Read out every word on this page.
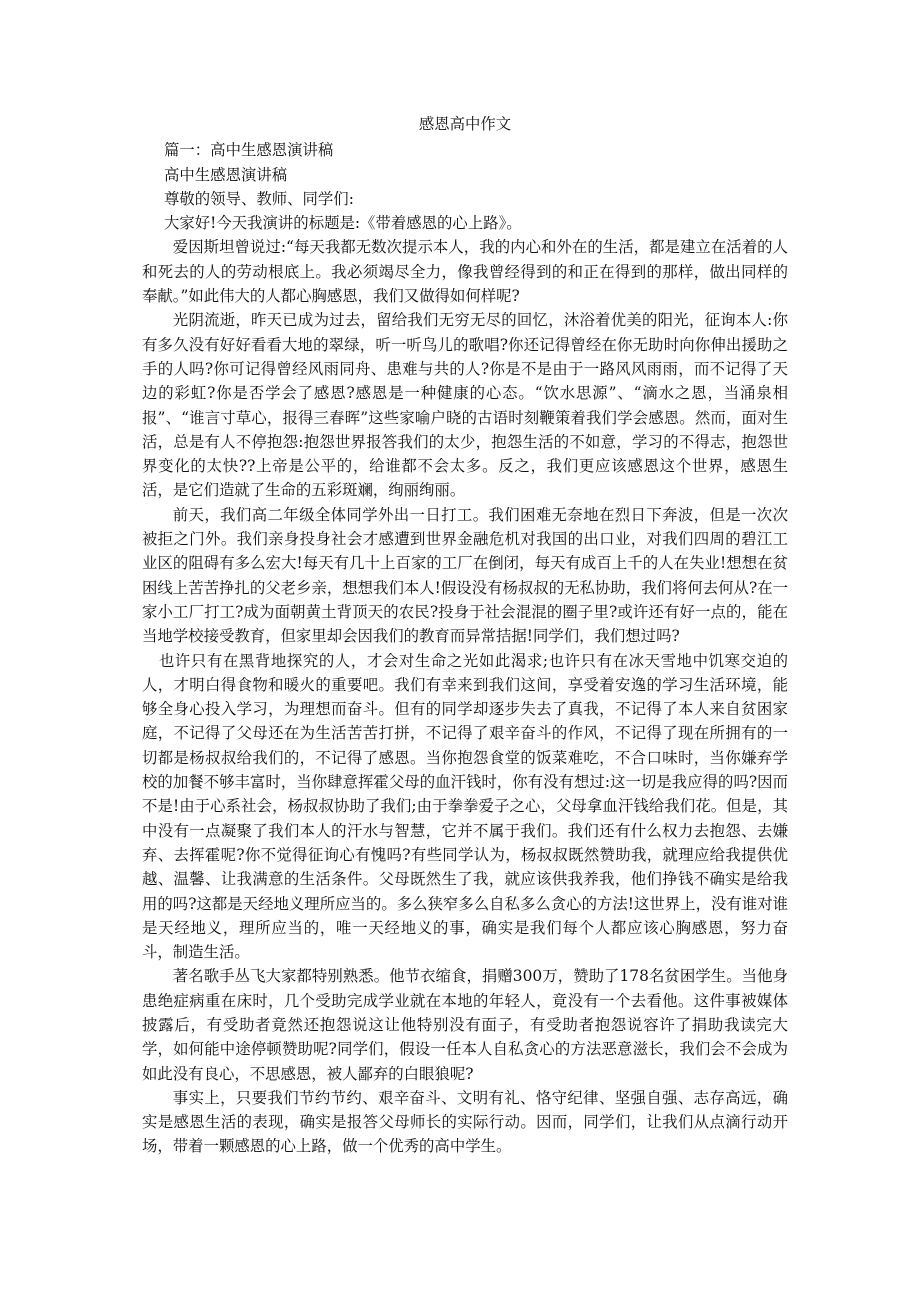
感恩高中作文

篇一：高中生感恩演讲稿

高中生感恩演讲稿

尊敬的领导、教师、同学们:

大家好!今天我演讲的标题是:《带着感恩的心上路》。

爱因斯坦曾说过:“每天我都无数次提示本人，我的内心和外在的生活，都是建立在活着的人和死去的人的劳动根底上。我必须竭尽全力，像我曾经得到的和正在得到的那样，做出同样的奉献。”如此伟大的人都心胸感恩，我们又做得如何样呢?

光阴流逝，昨天已成为过去，留给我们无穷无尽的回忆，沐浴着优美的阳光，征询本人:你有多久没有好好看看大地的翠绿，听一听鸟儿的歌唱?你还记得曾经在你无助时向你伸出援助之手的人吗?你可记得曾经风雨同舟、患难与共的人?你是不是由于一路风风雨雨，而不记得了天边的彩虹?你是否学会了感恩?感恩是一种健康的心态。“饮水思源”、“滴水之恩，当涌泉相报”、“谁言寸草心，报得三春晖”这些家喻户晓的古语时刻鞭策着我们学会感恩。然而，面对生活，总是有人不停抱怨:抱怨世界报答我们的太少，抱怨生活的不如意，学习的不得志，抱怨世界变化的太快??上帝是公平的，给谁都不会太多。反之，我们更应该感恩这个世界，感恩生活，是它们造就了生命的五彩斑斓，绚丽绚丽。

前天，我们高二年级全体同学外出一日打工。我们困难无奈地在烈日下奔波，但是一次次被拒之门外。我们亲身投身社会才感遭到世界金融危机对我国的出口业，对我们四周的碧江工业区的阻碍有多么宏大!每天有几十上百家的工厂在倒闭，每天有成百上千的人在失业!想想在贫困线上苦苦挣扎的父老乡亲，想想我们本人!假设没有杨叔叔的无私协助，我们将何去何从?在一家小工厂打工?成为面朝黄土背顶天的农民?投身于社会混混的圈子里?或许还有好一点的，能在当地学校接受教育，但家里却会因我们的教育而异常拮据!同学们，我们想过吗?

也许只有在黑背地探究的人，才会对生命之光如此渴求;也许只有在冰天雪地中饥寒交迫的人，才明白得食物和暖火的重要吧。我们有幸来到我们这间，享受着安逸的学习生活环境，能够全身心投入学习，为理想而奋斗。但有的同学却逐步失去了真我，不记得了本人来自贫困家庭，不记得了父母还在为生活苦苦打拼，不记得了艰辛奋斗的作风，不记得了现在所拥有的一切都是杨叔叔给我们的，不记得了感恩。当你抱怨食堂的饭菜难吃，不合口味时，当你嫌弃学校的加餐不够丰富时，当你肆意挥霍父母的血汗钱时，你有没有想过:这一切是我应得的吗?因而不是!由于心系社会，杨叔叔协助了我们;由于拳拳爱子之心，父母拿血汗钱给我们花。但是，其中没有一点凝聚了我们本人的汗水与智慧，它并不属于我们。我们还有什么权力去抱怨、去嫌弃、去挥霍呢?你不觉得征询心有愧吗?有些同学认为，杨叔叔既然赞助我，就理应给我提供优越、温馨、让我满意的生活条件。父母既然生了我，就应该供我养我，他们挣钱不确实是给我用的吗?这都是天经地义理所应当的。多么狭窄多么自私多么贪心的方法!这世界上，没有谁对谁是天经地义，理所应当的，唯一天经地义的事，确实是我们每个人都应该心胸感恩，努力奋斗，制造生活。

著名歌手丛飞大家都特别熟悉。他节衣缩食，捐赠300万，赞助了178名贫困学生。当他身患绝症病重在床时，几个受助完成学业就在本地的年轻人，竟没有一个去看他。这件事被媒体披露后，有受助者竟然还抱怨说这让他特别没有面子，有受助者抱怨说容许了捐助我读完大学，如何能中途停顿赞助呢?同学们，假设一任本人自私贪心的方法恶意滋长，我们会不会成为如此没有良心，不思感恩，被人鄙弃的白眼狼呢?

事实上，只要我们节约节约、艰辛奋斗、文明有礼、恪守纪律、坚强自强、志存高远，确实是感恩生活的表现，确实是报答父母师长的实际行动。因而，同学们，让我们从点滴行动开场，带着一颗感恩的心上路，做一个优秀的高中学生。
